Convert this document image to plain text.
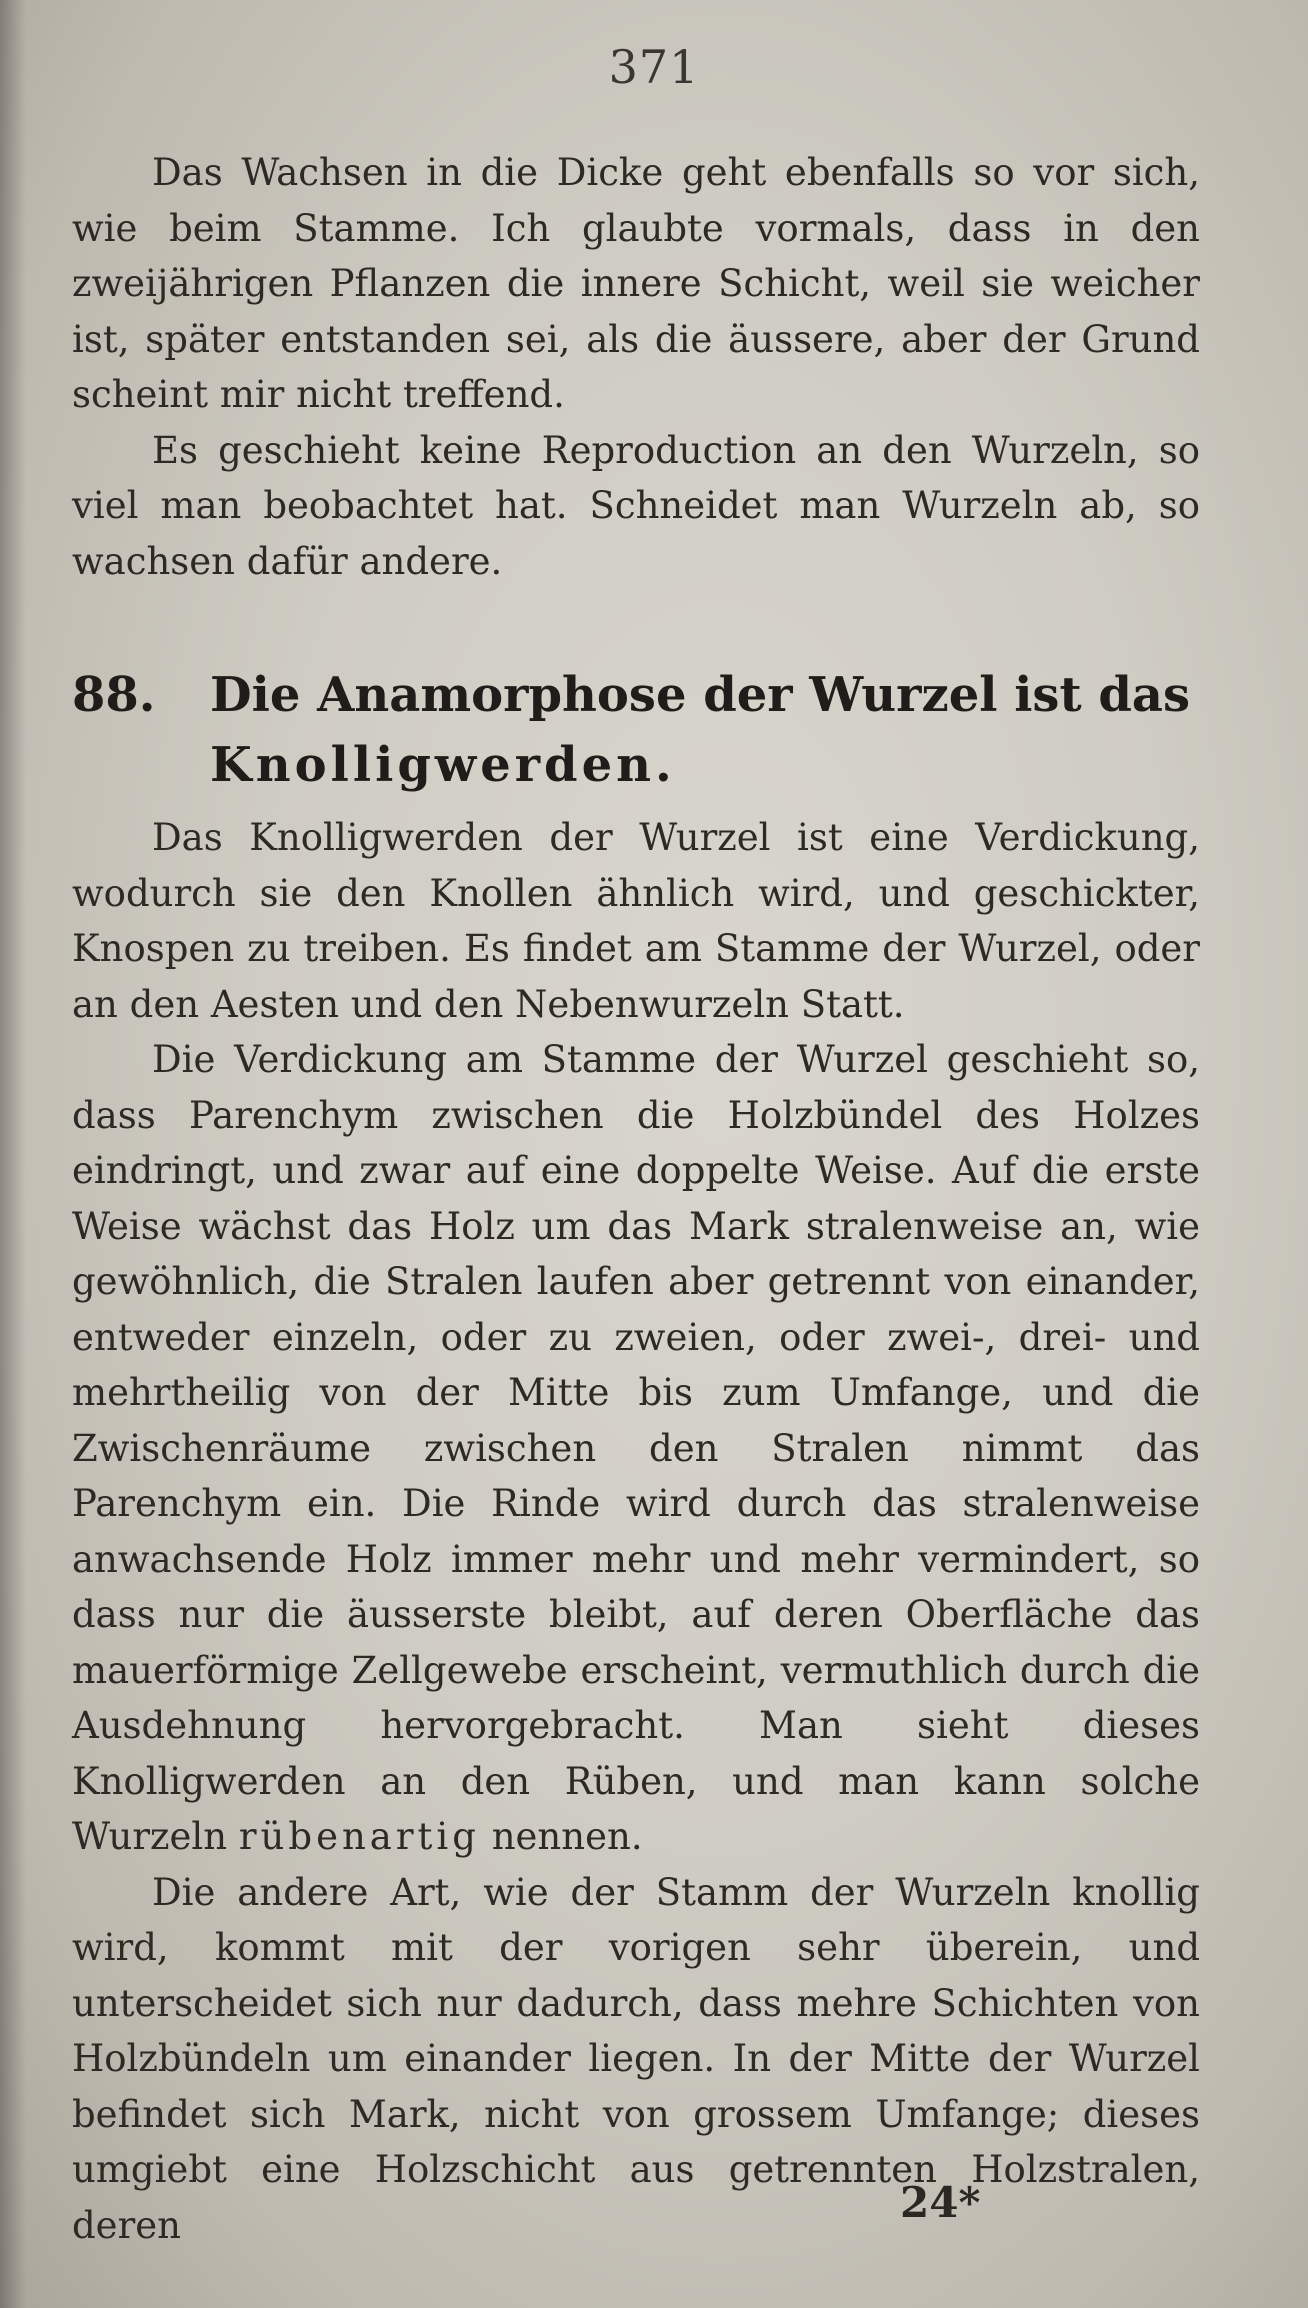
371

Das Wachsen in die Dicke geht ebenfalls so vor sich, wie beim Stamme. Ich glaubte vormals, dass in den zweijährigen Pflanzen die innere Schicht, weil sie weicher ist, später entstanden sei, als die äussere, aber der Grund scheint mir nicht treffend.

Es geschieht keine Reproduction an den Wurzeln, so viel man beobachtet hat. Schneidet man Wurzeln ab, so wachsen dafür andere.

88. Die Anamorphose der Wurzel ist das
Knolligwerden.

Das Knolligwerden der Wurzel ist eine Verdickung, wodurch sie den Knollen ähnlich wird, und geschickter, Knospen zu treiben. Es findet am Stamme der Wurzel, oder an den Aesten und den Nebenwurzeln Statt.

Die Verdickung am Stamme der Wurzel geschieht so, dass Parenchym zwischen die Holzbündel des Holzes eindringt, und zwar auf eine doppelte Weise. Auf die erste Weise wächst das Holz um das Mark stralenweise an, wie gewöhnlich, die Stralen laufen aber getrennt von einander, entweder einzeln, oder zu zweien, oder zwei-, drei- und mehrtheilig von der Mitte bis zum Umfange, und die Zwischenräume zwischen den Stralen nimmt das Parenchym ein. Die Rinde wird durch das stralenweise anwachsende Holz immer mehr und mehr vermindert, so dass nur die äusserste bleibt, auf deren Oberfläche das mauerförmige Zellgewebe erscheint, vermuthlich durch die Ausdehnung hervorgebracht. Man sieht dieses Knolligwerden an den Rüben, und man kann solche Wurzeln rübenartig nennen.

Die andere Art, wie der Stamm der Wurzeln knollig wird, kommt mit der vorigen sehr überein, und unterscheidet sich nur dadurch, dass mehre Schichten von Holzbündeln um einander liegen. In der Mitte der Wurzel befindet sich Mark, nicht von grossem Umfange; dieses umgiebt eine Holzschicht aus getrennten Holzstralen, deren	24*
